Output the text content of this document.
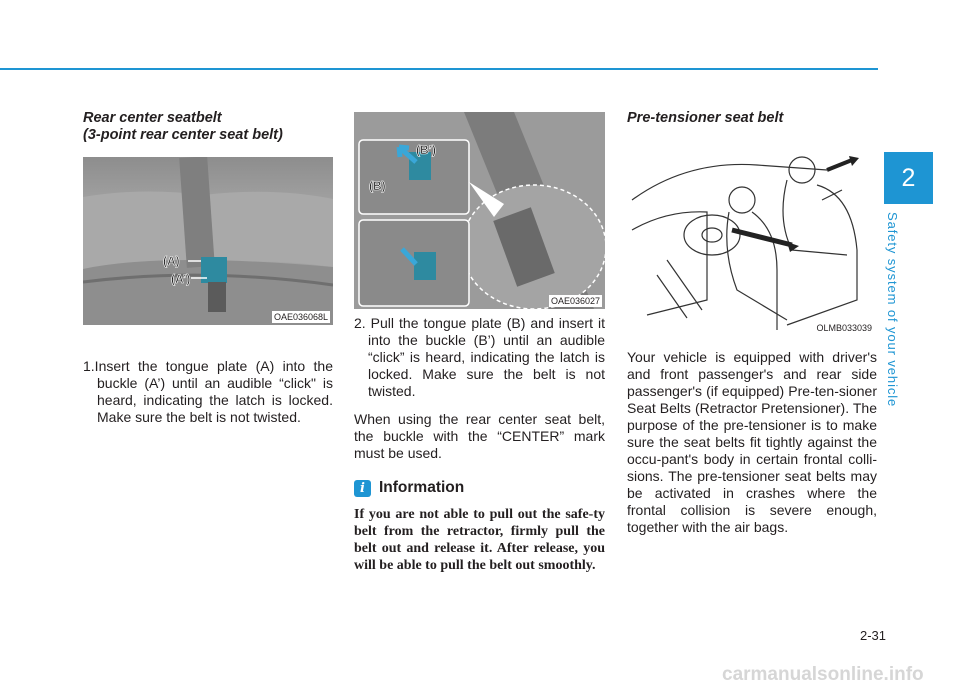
2
Safety system of your vehicle

Rear center seatbelt
(3-point rear center seat belt)

(A)
(A’)
OAE036068L

1.Insert the tongue plate (A) into the buckle (A’) until an audible “click" is heard, indicating the latch is locked. Make sure the belt is not twisted.

(B)
(B’)
OAE036027

2. Pull the tongue plate (B) and insert it into the buckle (B’) until an audible “click” is heard, indicating the latch is locked. Make sure the belt is not twisted.

When using the rear center seat belt, the buckle with the “CENTER” mark must be used.

i Information

If you are not able to pull out the safe-ty belt from the retractor, firmly pull the belt out and release it. After release, you will be able to pull the belt out smoothly.

Pre-tensioner seat belt

OLMB033039

Your vehicle is equipped with driver's and front passenger's and rear side passenger's (if equipped) Pre-ten-sioner Seat Belts (Retractor Pretensioner). The purpose of the pre-tensioner is to make sure the seat belts fit tightly against the occu-pant's body in certain frontal colli-sions. The pre-tensioner seat belts may be activated in crashes where the frontal collision is severe enough, together with the air bags.

2-31
carmanualsonline.info
